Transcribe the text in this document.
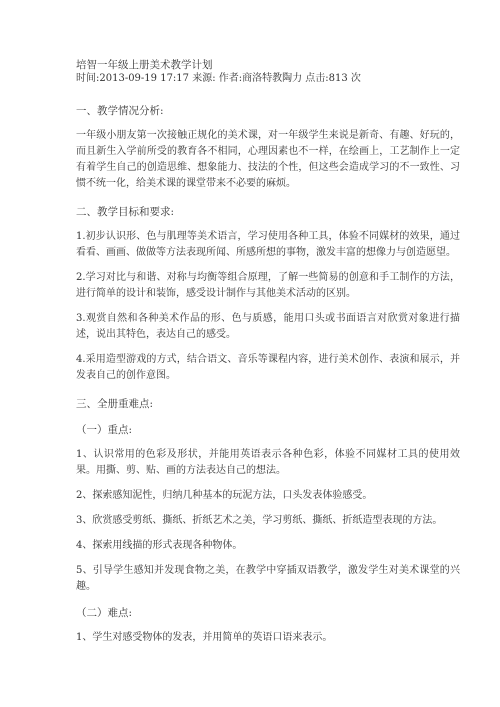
培智一年级上册美术教学计划

时间:2013-09-19 17:17 来源: 作者:商洛特教陶力 点击:813 次

一、教学情况分析:

一年级小朋友第一次接触正规化的美术课，对一年级学生来说是新奇、有趣、好玩的，而且新生入学前所受的教育各不相同，心理因素也不一样，在绘画上，工艺制作上一定有着学生自己的创造思维、想象能力、技法的个性，但这些会造成学习的不一致性、习惯不统一化，给美术课的课堂带来不必要的麻烦。

二、教学目标和要求:

1.初步认识形、色与肌理等美术语言，学习使用各种工具，体验不同媒材的效果，通过看看、画画、做做等方法表现所闻、所感所想的事物，激发丰富的想像力与创造愿望。

2.学习对比与和谐、对称与均衡等组合原理，了解一些简易的创意和手工制作的方法，进行简单的设计和装饰，感受设计制作与其他美术活动的区别。

3.观赏自然和各种美术作品的形、色与质感，能用口头或书面语言对欣赏对象进行描述，说出其特色，表达自己的感受。

4.采用造型游戏的方式，结合语文、音乐等课程内容，进行美术创作、表演和展示，并发表自己的创作意图。

三、全册重难点:

（一）重点:

1、认识常用的色彩及形状，并能用英语表示各种色彩，体验不同媒材工具的使用效果。用撕、剪、贴、画的方法表达自己的想法。

2、探索感知泥性，归纳几种基本的玩泥方法，口头发表体验感受。

3、欣赏感受剪纸、撕纸、折纸艺术之美，学习剪纸、撕纸、折纸造型表现的方法。

4、探索用线描的形式表现各种物体。

5、引导学生感知并发现食物之美，在教学中穿插双语教学，激发学生对美术课堂的兴趣。

（二）难点:

1、学生对感受物体的发表，并用简单的英语口语来表示。
